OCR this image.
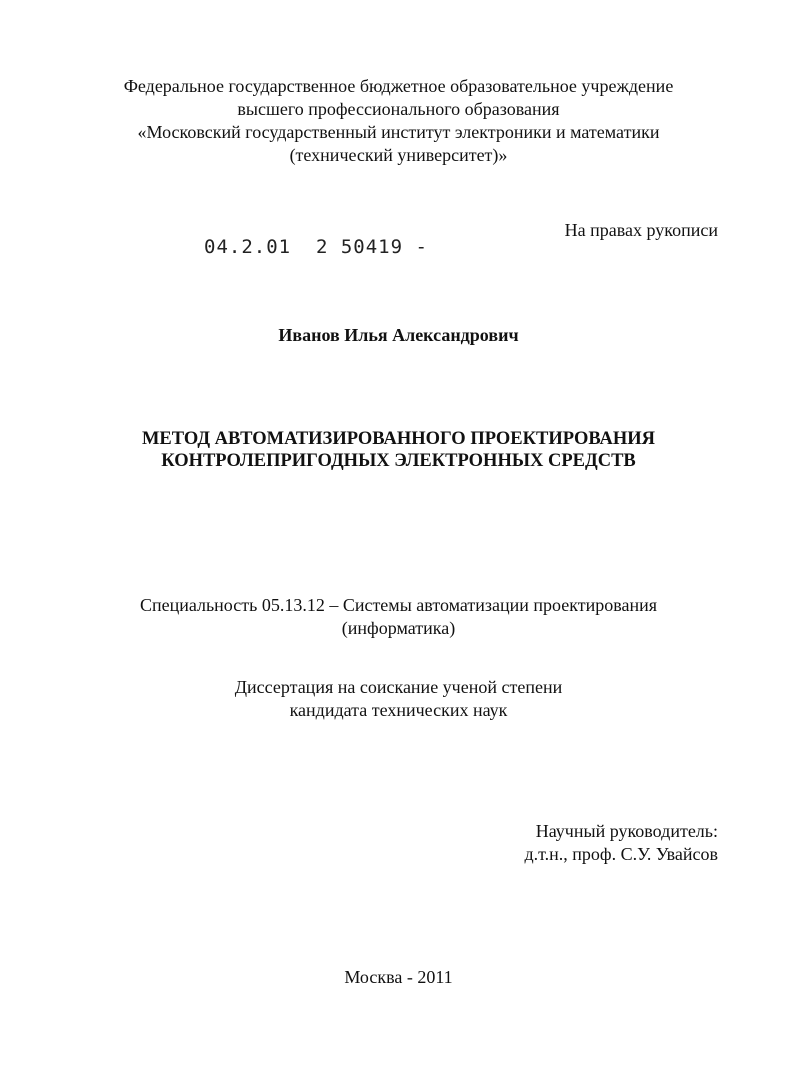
Федеральное государственное бюджетное образовательное учреждение
высшего профессионального образования
«Московский государственный институт электроники и математики
(технический университет)»
На правах рукописи
04.2.01  2 50419 -
Иванов Илья Александрович
МЕТОД АВТОМАТИЗИРОВАННОГО ПРОЕКТИРОВАНИЯ
КОНТРОЛЕПРИГОДНЫХ ЭЛЕКТРОННЫХ СРЕДСТВ
Специальность 05.13.12 – Системы автоматизации проектирования
(информатика)
Диссертация на соискание ученой степени
кандидата технических наук
Научный руководитель:
д.т.н., проф. С.У. Увайсов
Москва - 2011
